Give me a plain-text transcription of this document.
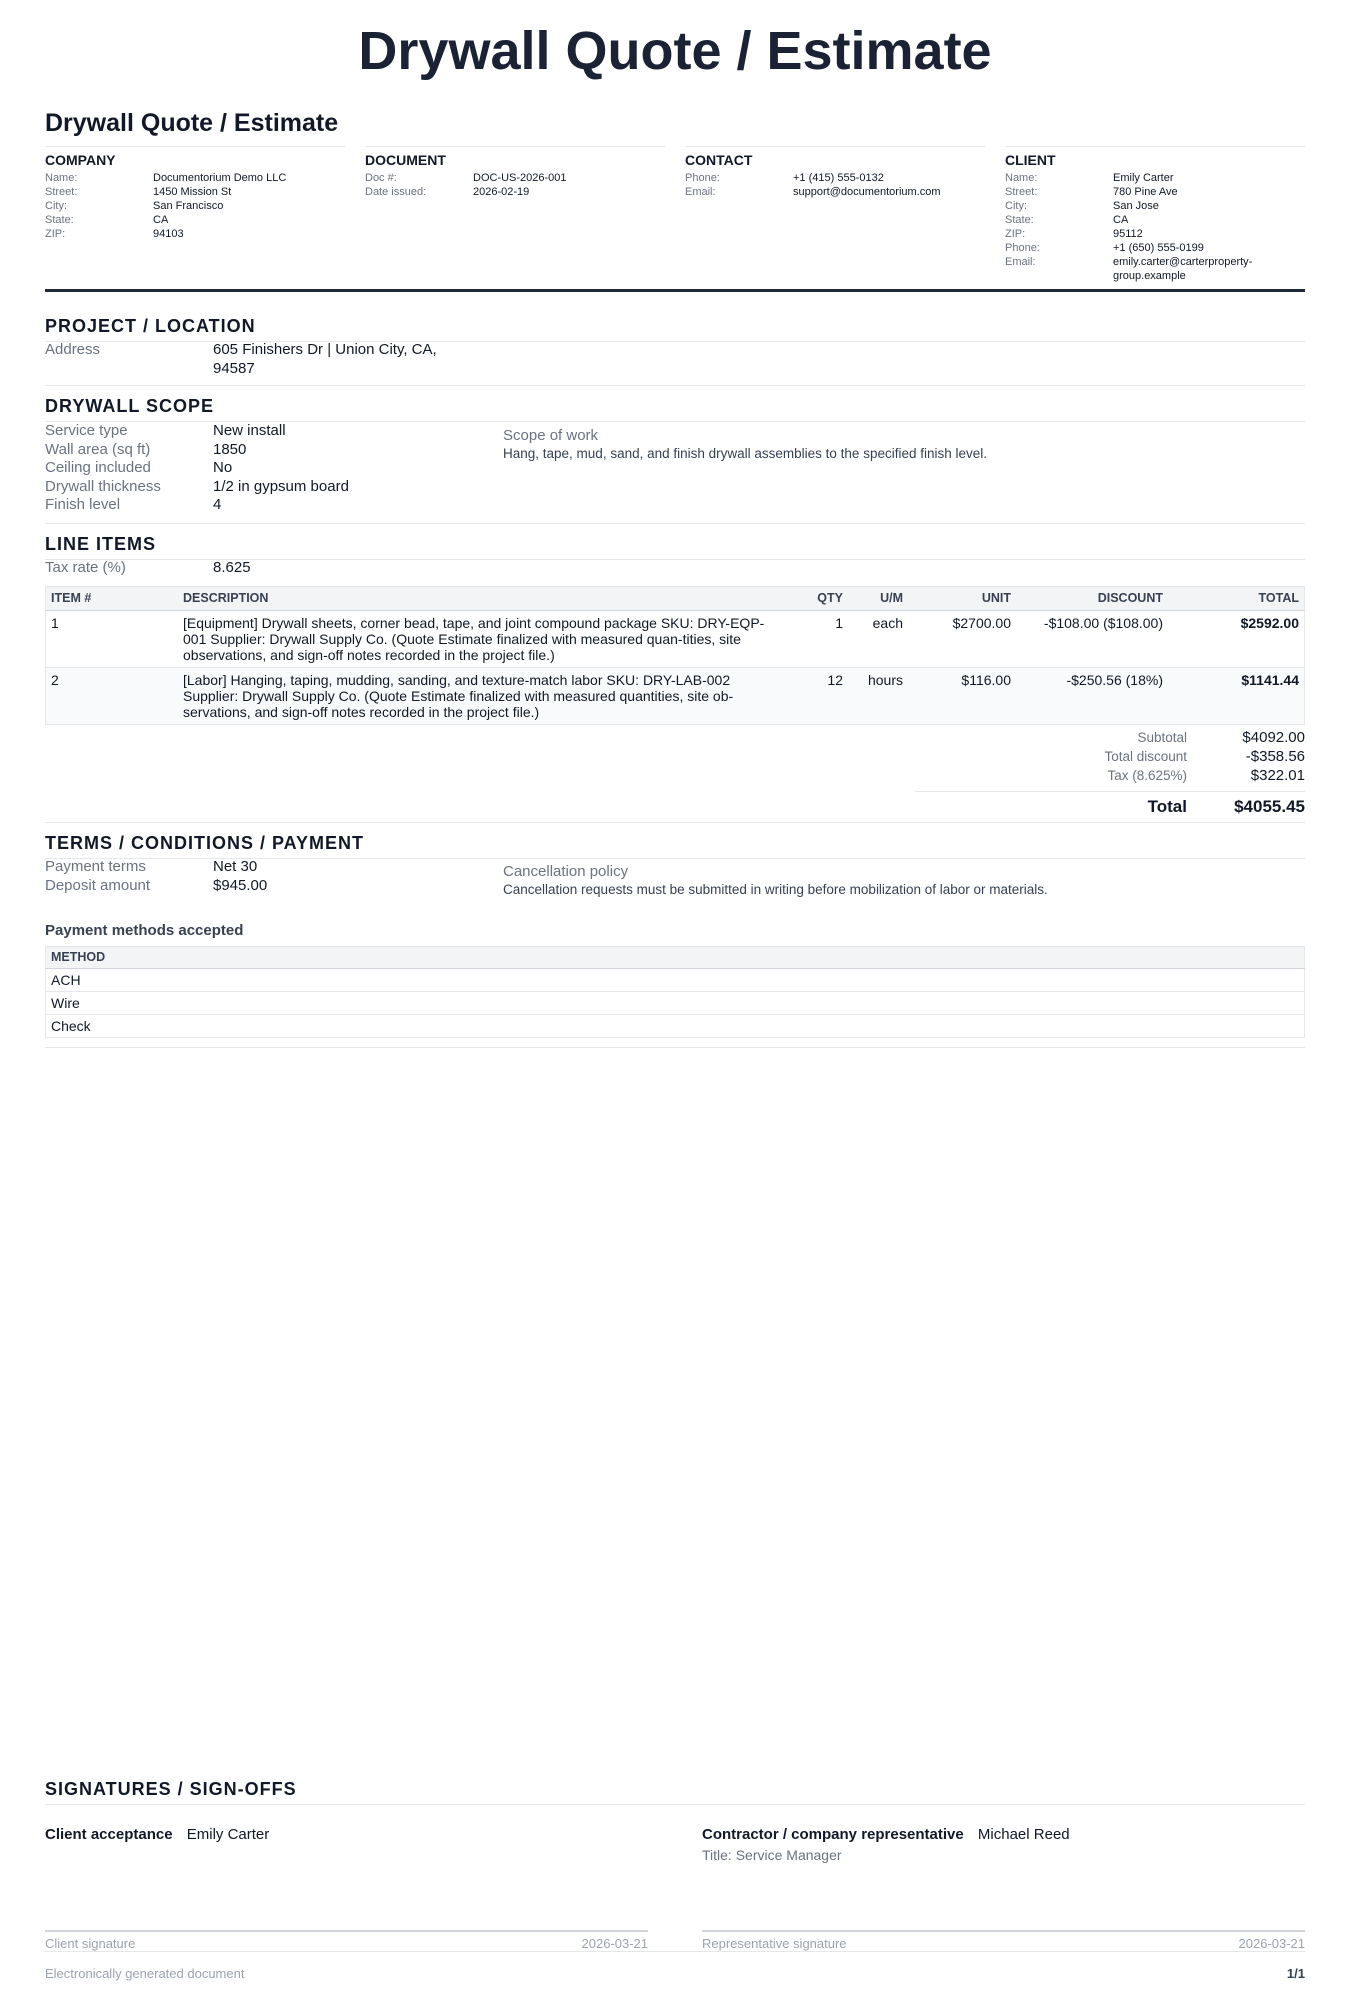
Drywall Quote / Estimate
Drywall Quote / Estimate
COMPANY
Name:	Documentorium Demo LLC
Street:	1450 Mission St
City:	San Francisco
State:	CA
ZIP:	94103
DOCUMENT
Doc #:	DOC-US-2026-001
Date issued:	2026-02-19
CONTACT
Phone:	+1 (415) 555-0132
Email:	support@documentorium.com
CLIENT
Name:	Emily Carter
Street:	780 Pine Ave
City:	San Jose
State:	CA
ZIP:	95112
Phone:	+1 (650) 555-0199
Email:	emily.carter@carterproperty-group.example
PROJECT / LOCATION
Address	605 Finishers Dr | Union City, CA, 94587
DRYWALL SCOPE
Service type	New install
Wall area (sq ft)	1850
Ceiling included	No
Drywall thickness	1/2 in gypsum board
Finish level	4
Scope of work
Hang, tape, mud, sand, and finish drywall assemblies to the specified finish level.
LINE ITEMS
Tax rate (%)	8.625
ITEM #	DESCRIPTION	QTY	U/M	UNIT	DISCOUNT	TOTAL
1	[Equipment] Drywall sheets, corner bead, tape, and joint compound package SKU: DRY-EQP-001 Supplier: Drywall Supply Co. (Quote Estimate finalized with measured quan-tities, site observations, and sign-off notes recorded in the project file.)	1	each	$2700.00	-$108.00 ($108.00)	$2592.00
2	[Labor] Hanging, taping, mudding, sanding, and texture-match labor SKU: DRY-LAB-002 Supplier: Drywall Supply Co. (Quote Estimate finalized with measured quantities, site ob-servations, and sign-off notes recorded in the project file.)	12	hours	$116.00	-$250.56 (18%)	$1141.44
Subtotal	$4092.00
Total discount	-$358.56
Tax (8.625%)	$322.01
Total	$4055.45
TERMS / CONDITIONS / PAYMENT
Payment terms	Net 30
Deposit amount	$945.00
Cancellation policy
Cancellation requests must be submitted in writing before mobilization of labor or materials.
Payment methods accepted
METHOD
ACH
Wire
Check
SIGNATURES / SIGN-OFFS
Client acceptance Emily Carter	Contractor / company representative Michael Reed
Title: Service Manager
Client signature	2026-03-21	Representative signature	2026-03-21
Electronically generated document	1/1
